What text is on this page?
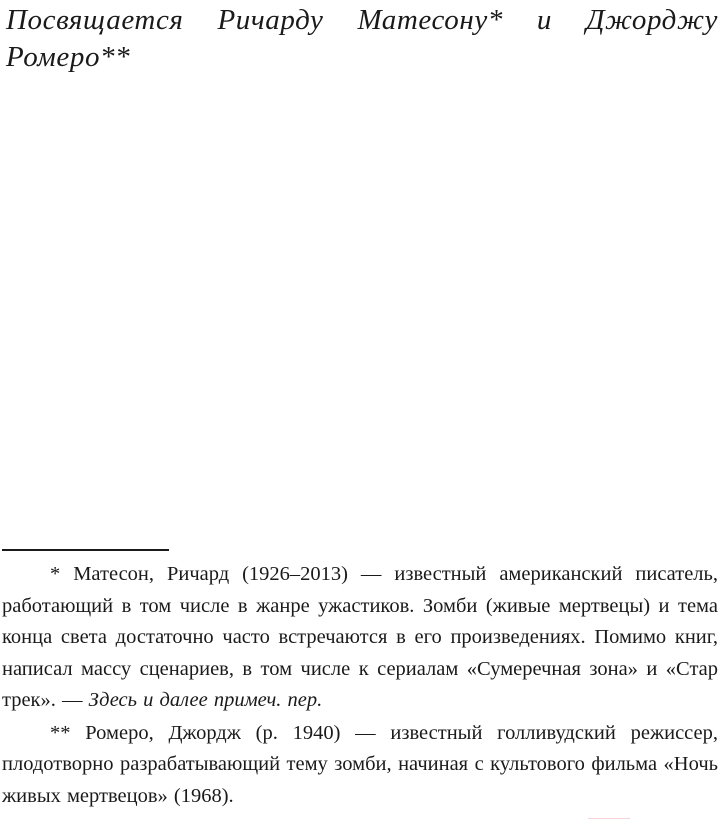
Посвящается Ричарду Матесону* и Джорджу Ромеро**

* Матесон, Ричард (1926–2013) — известный американский писатель, работающий в том числе в жанре ужастиков. Зомби (живые мертвецы) и тема конца света достаточно часто встречаются в его произведениях. Помимо книг, написал массу сценариев, в том числе к сериалам «Сумеречная зона» и «Стар трек». — Здесь и далее примеч. пер.

** Ромеро, Джордж (р. 1940) — известный голливудский режиссер, плодотворно разрабатывающий тему зомби, начиная с культового фильма «Ночь живых мертвецов» (1968).
